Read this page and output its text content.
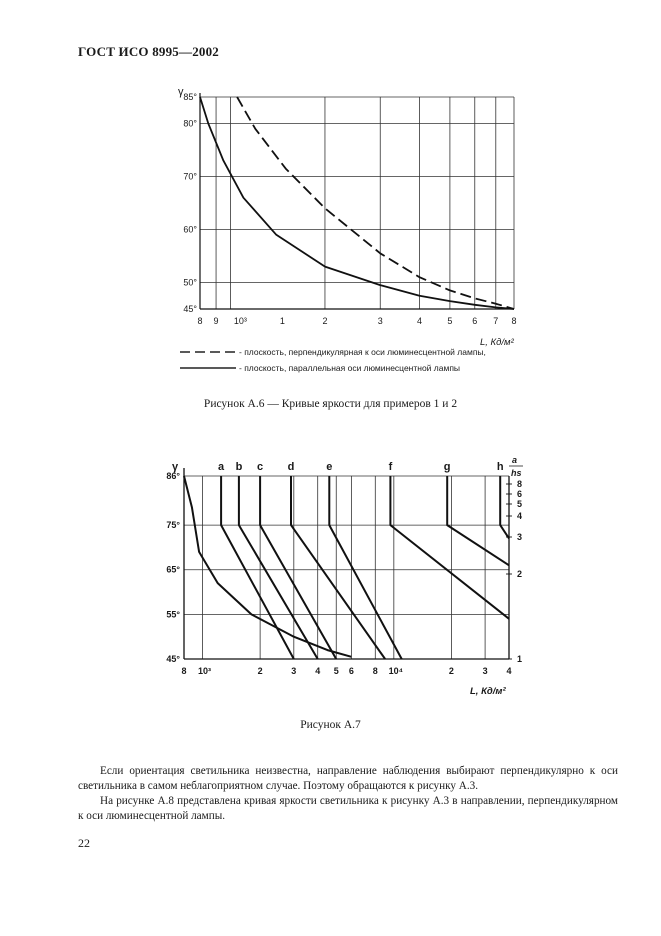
ГОСТ ИСО 8995—2002
85°
80°
70°
60°
50°
45°
1
8 9 10³	2	3	4	5 6 7 8
γ
L, Кд/м²
- плоскость, перпендикулярная к оси люминесцентной лампы,
- плоскость, параллельная оси люминесцентной лампы
86°
75°
65°
55°
45°
8 10³	2	3 4 5 6 8 10⁴	2	3 4
8
6
5
4
3
2
1
a b c d	e	f	g	h
γ
L, Кд/м²
a
hs
Рисунок А.6 — Кривые яркости для примеров 1 и 2
Рисунок А.7

Если ориентация светильника неизвестна, направление наблюдения выбирают перпендикулярно к оси светильника в самом неблагоприятном случае. Поэтому обращаются к рисунку А.3.

На рисунке А.8 представлена кривая яркости светильника к рисунку А.3 в направлении, перпендикулярном к оси люминесцентной лампы.

22
